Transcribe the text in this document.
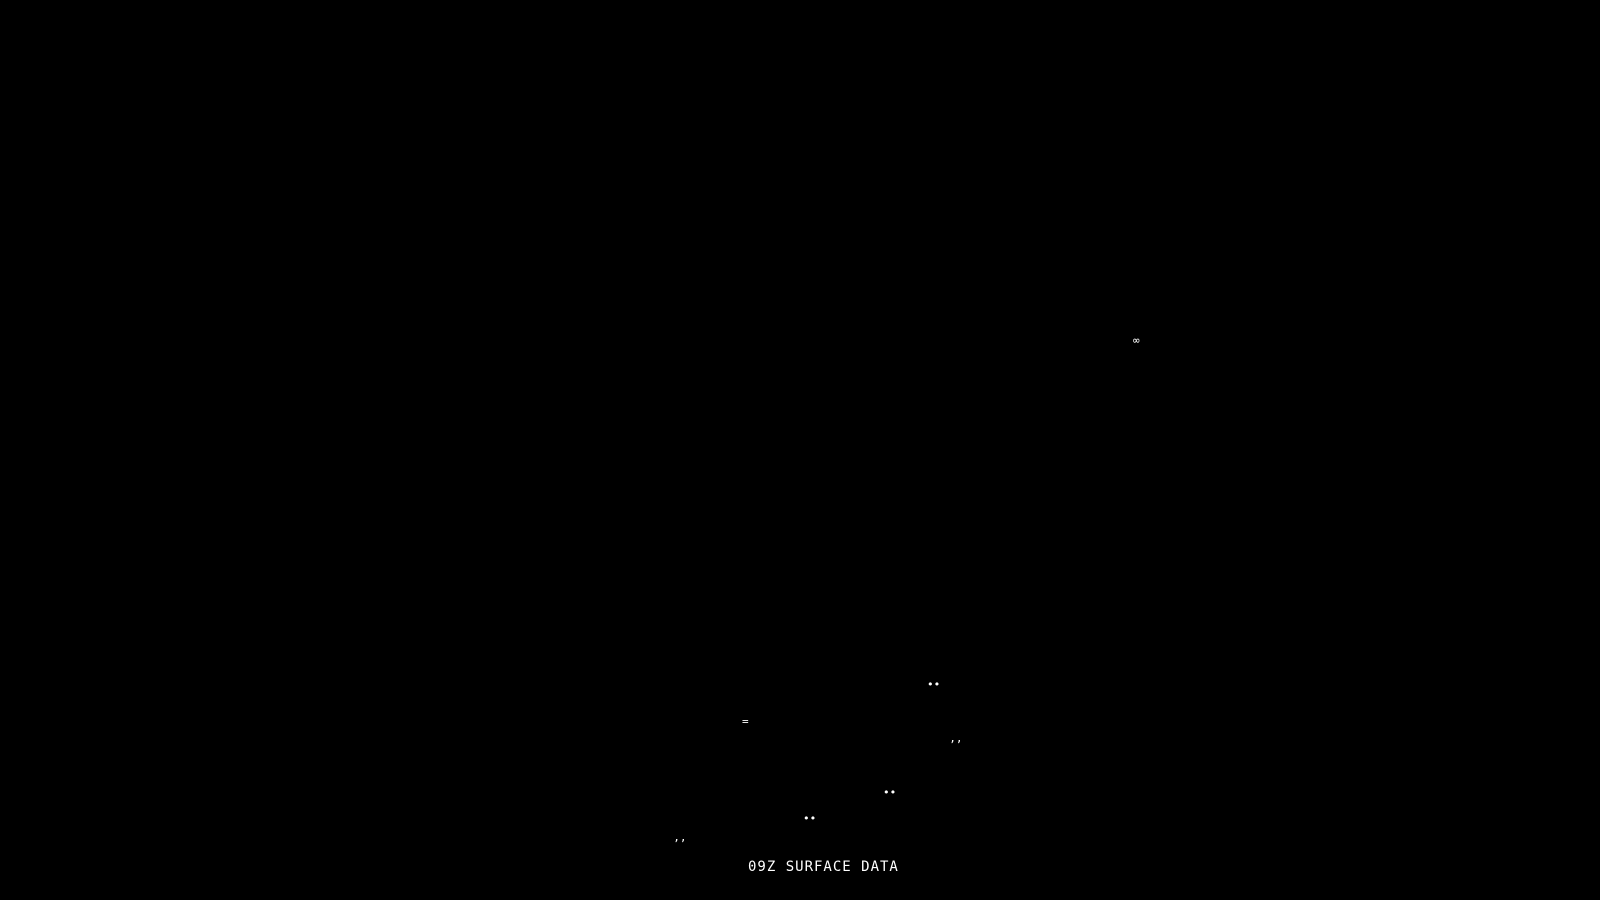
∞
••
=
’’
••
••
’’
09Z SURFACE DATA
